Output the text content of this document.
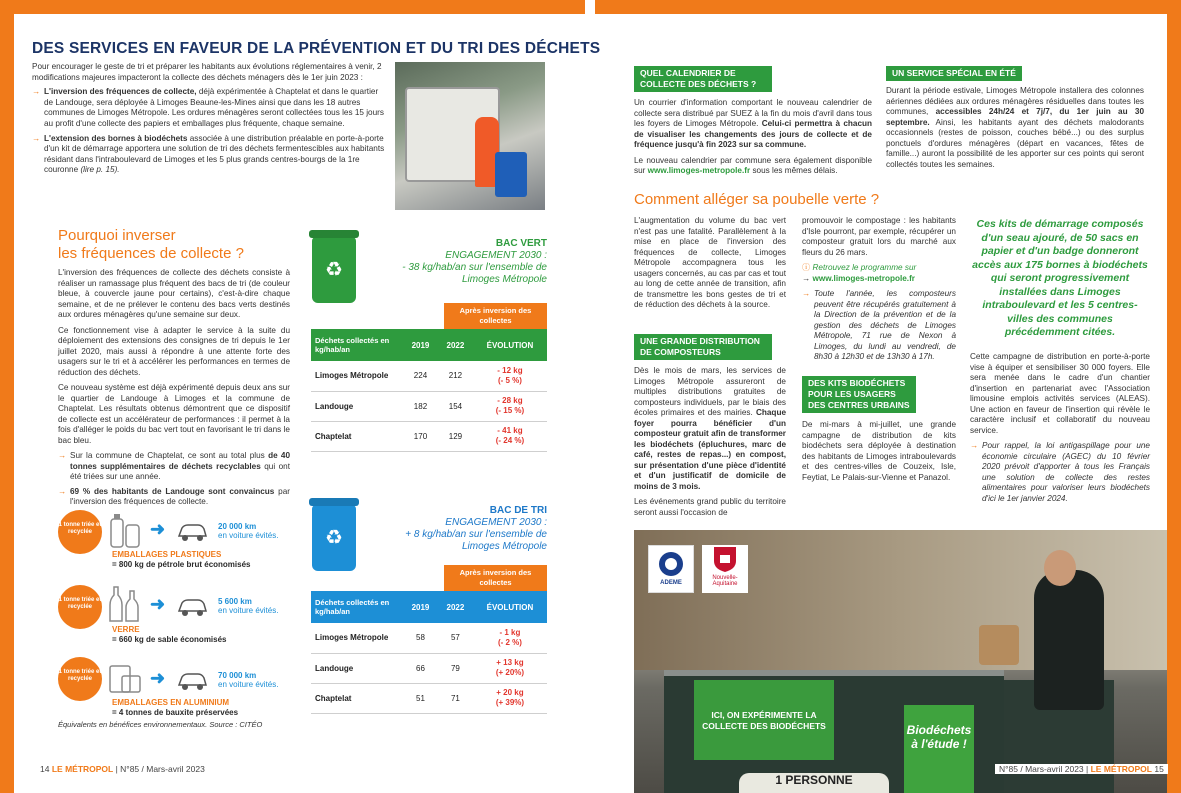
DES SERVICES EN FAVEUR DE LA PRÉVENTION ET DU TRI DES DÉCHETS
Pour encourager le geste de tri et préparer les habitants aux évolutions réglementaires à venir, 2 modifications majeures impacteront la collecte des déchets ménagers dès le 1er juin 2023 :
→ L'inversion des fréquences de collecte, déjà expérimentée à Chaptelat et dans le quartier de Landouge, sera déployée à Limoges Beaune-les-Mines ainsi que dans les 18 autres communes de Limoges Métropole. Les ordures ménagères seront collectées tous les 15 jours au profit d'une collecte des papiers et emballages plus fréquente, chaque semaine.
→ L'extension des bornes à biodéchets associée à une distribution préalable en porte-à-porte d'un kit de démarrage apportera une solution de tri des déchets fermentescibles aux habitants résidant dans l'intraboulevard de Limoges et les 5 plus grands centres-bourgs de la 1re couronne (lire p. 15).
Pourquoi inverser
les fréquences de collecte ?

L'inversion des fréquences de collecte des déchets consiste à réaliser un ramassage plus fréquent des bacs de tri (de couleur bleue, à couvercle jaune pour certains), c'est-à-dire chaque semaine, et de ne prélever le contenu des bacs verts destinés aux ordures ménagères qu'une semaine sur deux.

Ce fonctionnement vise à adapter le service à la suite du déploiement des extensions des consignes de tri depuis le 1er juillet 2020, mais aussi à répondre à une attente forte des usagers sur le tri et à accélérer les performances en termes de réduction des déchets.

Ce nouveau système est déjà expérimenté depuis deux ans sur le quartier de Landouge à Limoges et la commune de Chaptelat. Les résultats obtenus démontrent que ce dispositif de collecte est un accélérateur de performances : il permet à la fois d'alléger le poids du bac vert tout en favorisant le tri dans le bac bleu.

→ Sur la commune de Chaptelat, ce sont au total plus de 40 tonnes supplémentaires de déchets recyclables qui ont été triées sur une année.
→ 69 % des habitants de Landouge sont convaincus par l'inversion des fréquences de collecte.
♻
BAC VERT
ENGAGEMENT 2030 :
- 38 kg/hab/an sur l'ensemble de Limoges Métropole
Après inversion des collectes
Déchets collectés en kg/hab/an	2019	2022	ÉVOLUTION
Limoges Métropole	224	212	- 12 kg
(- 5 %)
Landouge	182	154	- 28 kg
(- 15 %)
Chaptelat	170	129	- 41 kg
(- 24 %)
♻
BAC DE TRI
ENGAGEMENT 2030 :
+ 8 kg/hab/an sur l'ensemble de Limoges Métropole
Après inversion des collectes
Déchets collectés en kg/hab/an	2019	2022	ÉVOLUTION
Limoges Métropole	58	57	- 1 kg
(- 2 %)
Landouge	66	79	+ 13 kg
(+ 20%)
Chaptelat	51	71	+ 20 kg
(+ 39%)
1 tonne triée et recyclée	➜	20 000 km
en voiture évités.
EMBALLAGES PLASTIQUES
= 800 kg de pétrole brut économisés
1 tonne triée et recyclée	➜	5 600 km
en voiture évités.
VERRE
= 660 kg de sable économisés
1 tonne triée et recyclée	➜	70 000 km
en voiture évités.
EMBALLAGES EN ALUMINIUM
= 4 tonnes de bauxite préservées
Équivalents en bénéfices environnementaux. Source : CITÉO
14 LE MÉTROPOL | N°85 / Mars-avril 2023
QUEL CALENDRIER DE COLLECTE DES DÉCHETS ?

Un courrier d'information comportant le nouveau calendrier de collecte sera distribué par SUEZ à la fin du mois d'avril dans tous les foyers de Limoges Métropole. Celui-ci permettra à chacun de visualiser les changements des jours de collecte et de fréquence jusqu'à fin 2023 sur sa commune.

Le nouveau calendrier par commune sera également disponible sur www.limoges-metropole.fr sous les mêmes délais.

UN SERVICE SPÉCIAL EN ÉTÉ

Durant la période estivale, Limoges Métropole installera des colonnes aériennes dédiées aux ordures ménagères résiduelles dans toutes les communes, accessibles 24h/24 et 7j/7, du 1er juin au 30 septembre. Ainsi, les habitants ayant des déchets malodorants occasionnels (restes de poisson, couches bébé...) ou des surplus ponctuels d'ordures ménagères (départ en vacances, fêtes de famille...) auront la possibilité de les apporter sur ces points qui seront collectés toutes les semaines.

Comment alléger sa poubelle verte ?

L'augmentation du volume du bac vert n'est pas une fatalité. Parallèlement à la mise en place de l'inversion des fréquences de collecte, Limoges Métropole accompagnera tous les usagers concernés, au cas par cas et tout au long de cette année de transition, afin de transmettre les bons gestes de tri et de réduction des déchets à la source.

UNE GRANDE DISTRIBUTION DE COMPOSTEURS

Dès le mois de mars, les services de Limoges Métropole assureront de multiples distributions gratuites de composteurs individuels, par le biais des écoles primaires et des mairies. Chaque foyer pourra bénéficier d'un composteur gratuit afin de transformer les biodéchets (épluchures, marc de café, restes de repas...) en compost, sur présentation d'une pièce d'identité et d'un justificatif de domicile de moins de 3 mois.

Les événements grand public du territoire seront aussi l'occasion de

promouvoir le compostage : les habitants d'Isle pourront, par exemple, récupérer un composteur gratuit lors du marché aux fleurs du 26 mars.

ⓘ Retrouvez le programme sur
→ www.limoges-metropole.fr

→ Toute l'année, les composteurs peuvent être récupérés gratuitement à la Direction de la prévention et de la gestion des déchets de Limoges Métropole, 71 rue de Nexon à Limoges, du lundi au vendredi, de 8h30 à 12h30 et de 13h30 à 17h.

DES KITS BIODÉCHETS POUR LES USAGERS DES CENTRES URBAINS

De mi-mars à mi-juillet, une grande campagne de distribution de kits biodéchets sera déployée à destination des habitants de Limoges intraboulevards et des centres-villes de Couzeix, Isle, Feytiat, Le Palais-sur-Vienne et Panazol.

Ces kits de démarrage composés d'un seau ajouré, de 50 sacs en papier et d'un badge donneront accès aux 175 bornes à biodéchets qui seront progressivement installées dans Limoges intraboulevard et les 5 centres-villes des communes précédemment citées.

Cette campagne de distribution en porte-à-porte vise à équiper et sensibiliser 30 000 foyers. Elle sera menée dans le cadre d'un chantier d'insertion en partenariat avec l'Association limousine emplois activités services (ALEAS). Une action en faveur de l'insertion qui révèle le caractère inclusif et collaboratif du nouveau service.

→ Pour rappel, la loi antigaspillage pour une économie circulaire (AGEC) du 10 février 2020 prévoit d'apporter à tous les Français une solution de collecte des restes alimentaires pour valoriser leurs biodéchets d'ici le 1er janvier 2024.

ICI, ON EXPÉRIMENTE LA COLLECTE DES BIODÉCHETS	Biodéchets à l'étude !
1 PERSONNE
ADEME
Nouvelle-Aquitaine
N°85 / Mars-avril 2023 | LE MÉTROPOL 15
